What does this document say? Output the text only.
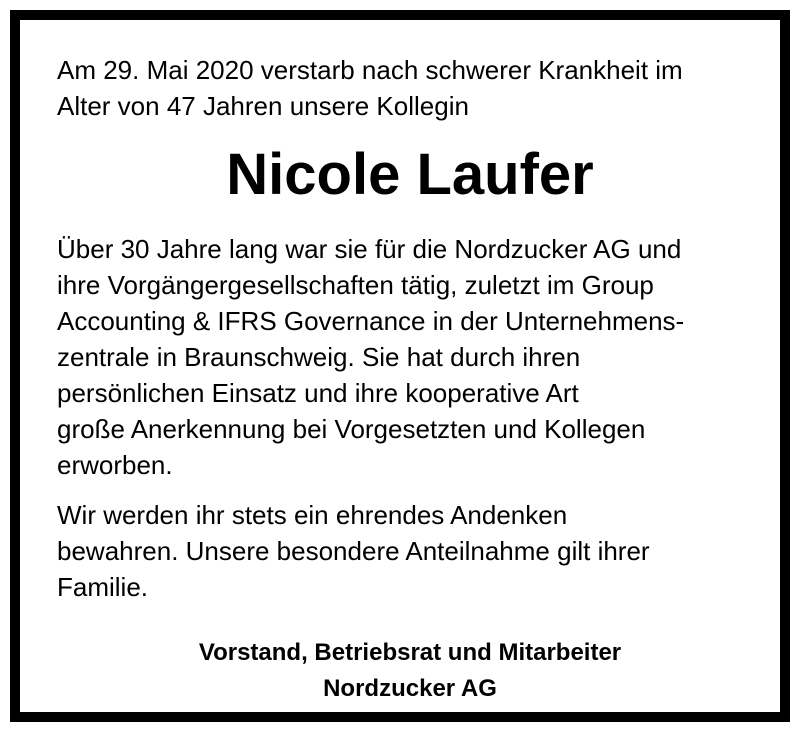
Am 29. Mai 2020 verstarb nach schwerer Krankheit im
Alter von 47 Jahren unsere Kollegin

Nicole Laufer

Über 30 Jahre lang war sie für die Nordzucker AG und
ihre Vorgängergesellschaften tätig, zuletzt im Group
Accounting & IFRS Governance in der Unternehmens-
zentrale in Braunschweig. Sie hat durch ihren
persönlichen Einsatz und ihre kooperative Art
große Anerkennung bei Vorgesetzten und Kollegen
erworben.

Wir werden ihr stets ein ehrendes Andenken
bewahren. Unsere besondere Anteilnahme gilt ihrer
Familie.

Vorstand, Betriebsrat und Mitarbeiter
Nordzucker AG
